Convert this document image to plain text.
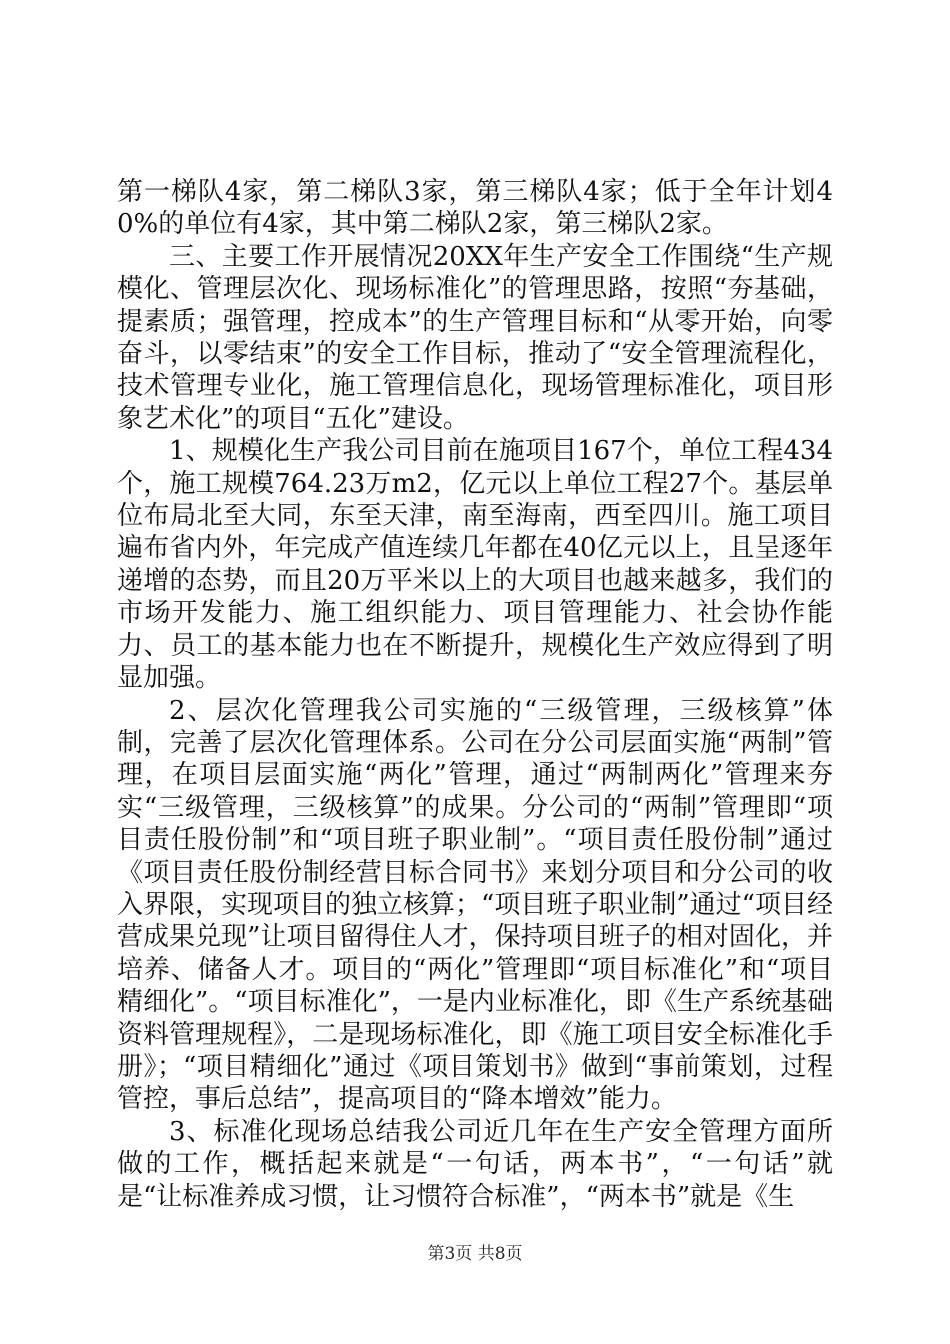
第一梯队4家，第二梯队3家，第三梯队4家；低于全年计划40%的单位有4家，其中第二梯队2家，第三梯队2家。

三、主要工作开展情况20XX年生产安全工作围绕“生产规模化、管理层次化、现场标准化”的管理思路，按照“夯基础，提素质；强管理，控成本”的生产管理目标和“从零开始，向零奋斗，以零结束”的安全工作目标，推动了“安全管理流程化，技术管理专业化，施工管理信息化，现场管理标准化，项目形象艺术化”的项目“五化”建设。

1、规模化生产我公司目前在施项目167个，单位工程434个，施工规模764.23万m2，亿元以上单位工程27个。基层单位布局北至大同，东至天津，南至海南，西至四川。施工项目遍布省内外，年完成产值连续几年都在40亿元以上，且呈逐年递增的态势，而且20万平米以上的大项目也越来越多，我们的市场开发能力、施工组织能力、项目管理能力、社会协作能力、员工的基本能力也在不断提升，规模化生产效应得到了明显加强。

2、层次化管理我公司实施的“三级管理，三级核算”体制，完善了层次化管理体系。公司在分公司层面实施“两制”管理，在项目层面实施“两化”管理，通过“两制两化”管理来夯实“三级管理，三级核算”的成果。分公司的“两制”管理即“项目责任股份制”和“项目班子职业制”。“项目责任股份制”通过《项目责任股份制经营目标合同书》来划分项目和分公司的收入界限，实现项目的独立核算；“项目班子职业制”通过“项目经营成果兑现”让项目留得住人才，保持项目班子的相对固化，并培养、储备人才。项目的“两化”管理即“项目标准化”和“项目精细化”。“项目标准化”，一是内业标准化，即《生产系统基础资料管理规程》，二是现场标准化，即《施工项目安全标准化手册》；“项目精细化”通过《项目策划书》做到“事前策划，过程管控，事后总结”，提高项目的“降本增效”能力。

3、标准化现场总结我公司近几年在生产安全管理方面所做的工作，概括起来就是“一句话，两本书”，“一句话”就是“让标准养成习惯，让习惯符合标准”，“两本书”就是《生

第3页 共8页
